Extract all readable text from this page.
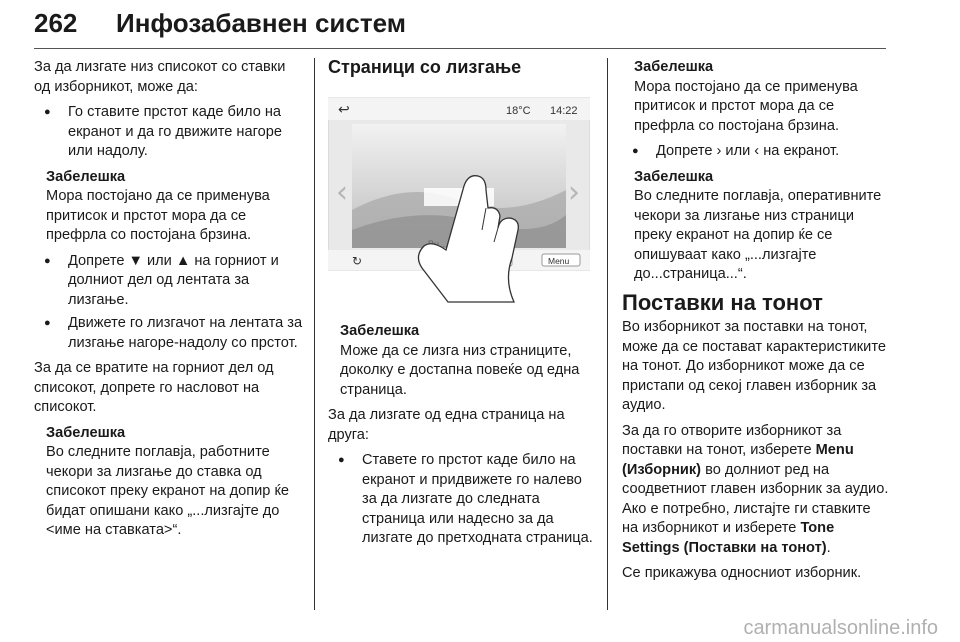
262 Инфозабавнен систем

За да лизгате низ списокот со ставки од изборникот, може да:

● Го ставите прстот каде било на екранот и да го движите нагоре или надолу.
Забелешка
Мора постојано да се применува притисок и прстот мора да се префрла со постојана брзина.
● Допрете ▼ или ▲ на горниот и долниот дел од лентата за лизгање.
● Движете го лизгачот на лентата за лизгање нагоре-надолу со прстот.

За да се вратите на горниот дел од списокот, допрете го насловот на списокот.

Забелешка
Во следните поглавја, работните чекори за лизгање до ставка од списокот преку екранот на допир ќе бидат опишани како „...лизгајте до <име на ставката>“.
Страници со лизгање
↩	18°C 14:22
‹	›
↻	Menu
Забелешка
Може да се лизга низ страниците, доколку е достапна повеќе од една страница.

За да лизгате од една страница на друга:

● Ставете го прстот каде било на екранот и придвижете го налево за да лизгате до следната страница или надесно за да лизгате до претходната страница.
Забелешка
Мора постојано да се применува притисок и прстот мора да се префрла со постојана брзина.
● Допрете › или ‹ на екранот.
Забелешка
Во следните поглавја, оперативните чекори за лизгање низ страници преку екранот на допир ќе се опишуваат како „...лизгајте до...страница...“.
Поставки на тонот

Во изборникот за поставки на тонот, може да се постават карактеристиките на тонот. До изборникот може да се пристапи од секој главен изборник за аудио.

За да го отворите изборникот за поставки на тонот, изберете Menu (Изборник) во долниот ред на соодветниот главен изборник за аудио. Ако е потребно, листајте ги ставките на изборникот и изберете Tone Settings (Поставки на тонот).

Се прикажува односниот изборник.

carmanualsonline.info
